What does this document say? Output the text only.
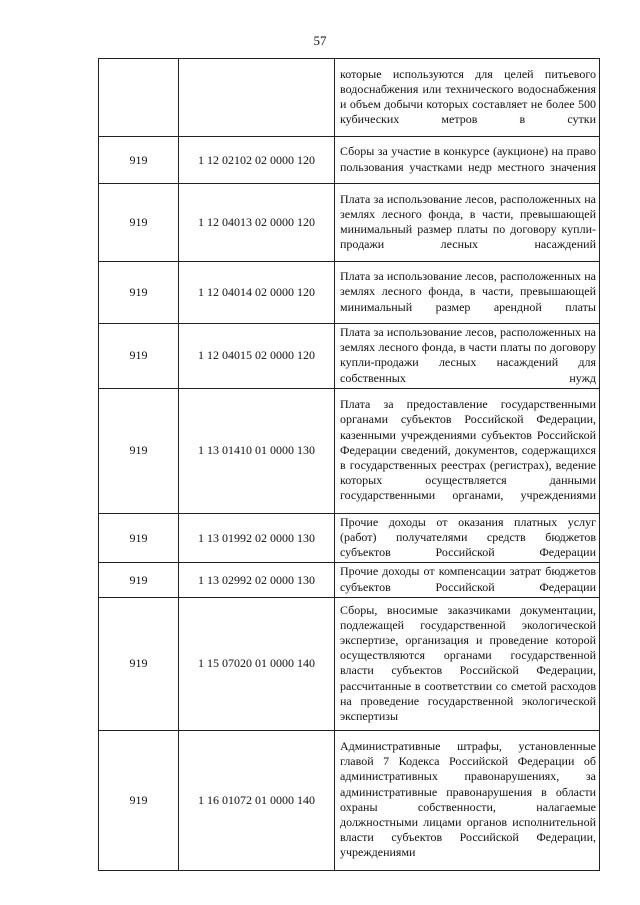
57
		которые используются для целей питьевого водоснабжения или технического водоснабжения и объем добычи которых составляет не более 500 кубических метров в сутки
919	1 12 02102 02 0000 120	Сборы за участие в конкурсе (аукционе) на право пользования участками недр местного значения
919	1 12 04013 02 0000 120	Плата за использование лесов, расположенных на землях лесного фонда, в части, превышающей минимальный размер платы по договору купли-продажи лесных насаждений
919	1 12 04014 02 0000 120	Плата за использование лесов, расположенных на землях лесного фонда, в части, превышающей минимальный размер арендной платы
919	1 12 04015 02 0000 120	Плата за использование лесов, расположенных на землях лесного фонда, в части платы по договору купли-продажи лесных насаждений для собственных нужд
919	1 13 01410 01 0000 130	Плата за предоставление государственными органами субъектов Российской Федерации, казенными учреждениями субъектов Российской Федерации сведений, документов, содержащихся в государственных реестрах (регистрах), ведение которых осуществляется данными государственными органами, учреждениями
919	1 13 01992 02 0000 130	Прочие доходы от оказания платных услуг (работ) получателями средств бюджетов субъектов Российской Федерации
919	1 13 02992 02 0000 130	Прочие доходы от компенсации затрат бюджетов субъектов Российской Федерации
919	1 15 07020 01 0000 140	Сборы, вносимые заказчиками документации, подлежащей государственной экологической экспертизе, организация и проведение которой осуществляются органами государственной власти субъектов Российской Федерации, рассчитанные в соответствии со сметой расходов на проведение государственной экологической экспертизы
919	1 16 01072 01 0000 140	Административные штрафы, установленные главой 7 Кодекса Российской Федерации об административных правонарушениях, за административные правонарушения в области охраны собственности, налагаемые должностными лицами органов исполнительной власти субъектов Российской Федерации, учреждениями
